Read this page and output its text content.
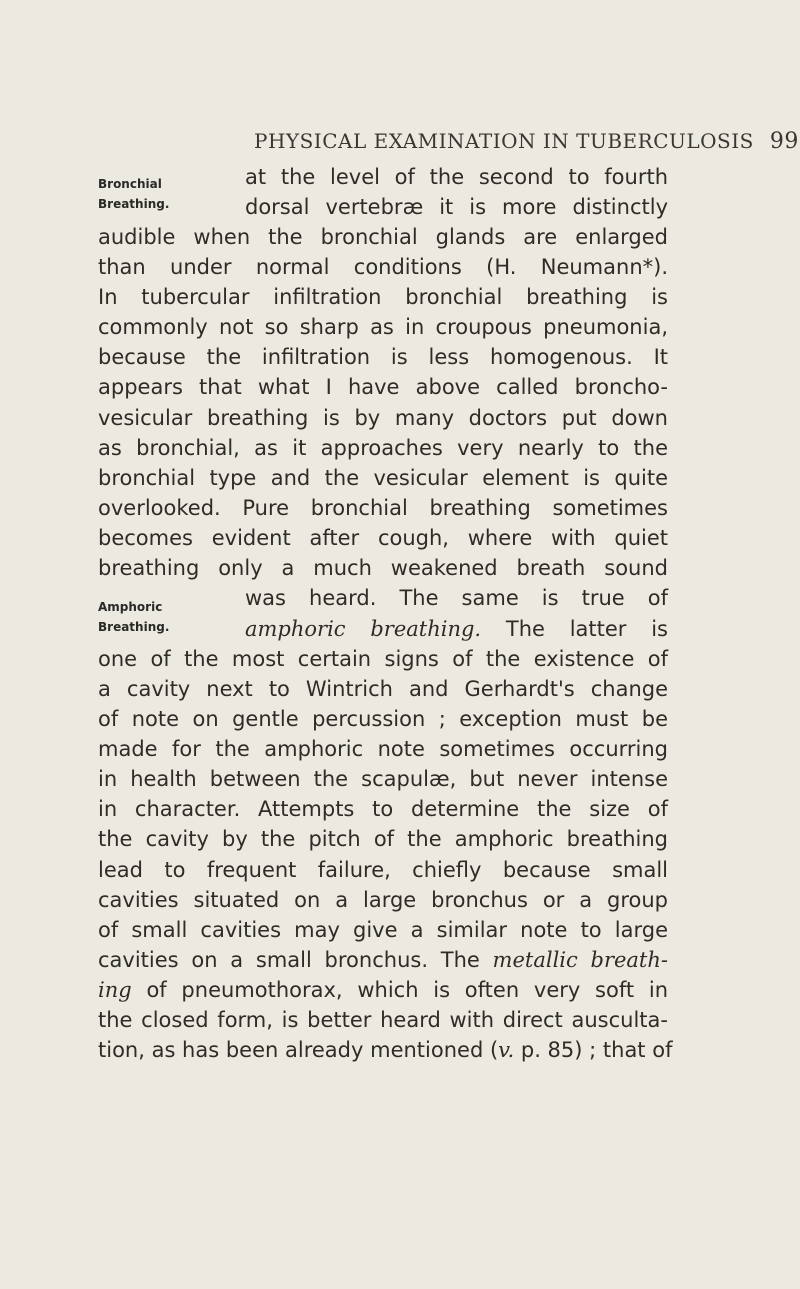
PHYSICAL EXAMINATION IN TUBERCULOSIS 99
Bronchial
Breathing.
Amphoric
Breathing.
at the level of the second to fourth
dorsal vertebræ it is more distinctly
audible when the bronchial glands are enlarged
than under normal conditions (H. Neumann*).
In tubercular infiltration bronchial breathing is
commonly not so sharp as in croupous pneumonia,
because the infiltration is less homogenous. It
appears that what I have above called broncho-
vesicular breathing is by many doctors put down
as bronchial, as it approaches very nearly to the
bronchial type and the vesicular element is quite
overlooked. Pure bronchial breathing sometimes
becomes evident after cough, where with quiet
breathing only a much weakened breath sound
was heard. The same is true of
amphoric breathing. The latter is
one of the most certain signs of the existence of
a cavity next to Wintrich and Gerhardt's change
of note on gentle percussion ; exception must be
made for the amphoric note sometimes occurring
in health between the scapulæ, but never intense
in character. Attempts to determine the size of
the cavity by the pitch of the amphoric breathing
lead to frequent failure, chiefly because small
cavities situated on a large bronchus or a group
of small cavities may give a similar note to large
cavities on a small bronchus. The metallic breath-
ing of pneumothorax, which is often very soft in
the closed form, is better heard with direct ausculta-
tion, as has been already mentioned (v. p. 85) ; that of
